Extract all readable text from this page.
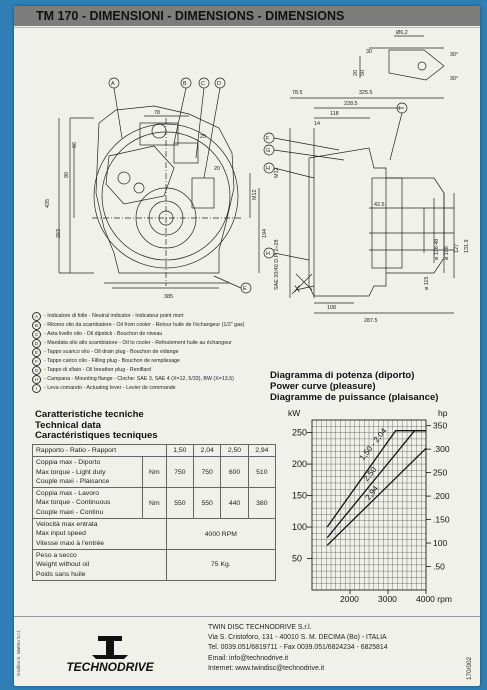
TM 170 - DIMENSIONI - DIMENSIONS - DIMENSIONS
A	B	C D
E
F
G
H
H
I
78
25
20
385
66
90
435
253
M12
194
78.5	325.5
228.5
118
14
108
287.5
SAE 20/40 D.P. 2÷28
M12
42.5
ø 115
ø 138.48 ø 158 127 131.9
X
Ø6,2
20 50
30°
30°
30
A	- Indicatore di folle - Neutral indicator - Indicateur point mort
B	- Ritorno olio da scambiatore - Oil from cooler - Retour huile de l'échangeur (1/2" gas)
C	- Asta livello olio - Oil dipstick - Bouchon de niveau
D	- Mandata olio allo scambiatore - Oil to cooler - Refoulement huile au échangeur
E	- Tappo scarico olio - Oil drain plug - Bouchon de vidange
F	- Tappo carico olio - Filling plug - Bouchon de remplissage
G	- Tappo di sfiato - Oil breather plug - Reniflard
H	- Campana - Mounting flange - Cloche: SAE 3, SAE 4 (X=12, 5/33), BW (X=13,5)
I	- Leva comando - Actuating lever - Levier de commande
Diagramma di potenza (diporto)
Power curve (pleasure)
Diagramme de puissance (plaisance)
Caratteristiche tecniche
Technical data
Caractéristiques tecniques
Rapporto - Ratio - Rapport		1,50	2,04	2,50	2,94

Coppia max - Diporto
Max torque - Light duty
Couple maxi - Plaisance	Nm	750	750	600	510

Coppia max - Lavoro
Max torque - Continuous
Couple maxi - Continu	Nm	550	550	440	380

Velocità max entrata
Max input speed
Vitesse maxi à l'entrée		4000 RPM			

Peso a secco
Weight without oil
Poids sans huile		75 Kg.			
kW	hp
50
100
150
200
250
.50
100
.150
.200
250
.300
350
2000 3000 4000 rpm
1,50 - 2,04
2,50
2,94
TECHNODRIVE
TWIN DISC TECHNODRIVE S.r.l.
Via S. Cristoforo, 131 - 40010 S. M. DECIMA (Bo) - ITALIA
Tel. 0039.051/6819711 - Fax 0039.051/6824234 - 6825814
Email: info@technodrive.it
Internet: www.twindisc@technodrive.it
Grafica S. Matteo S.r.l.	170/002
